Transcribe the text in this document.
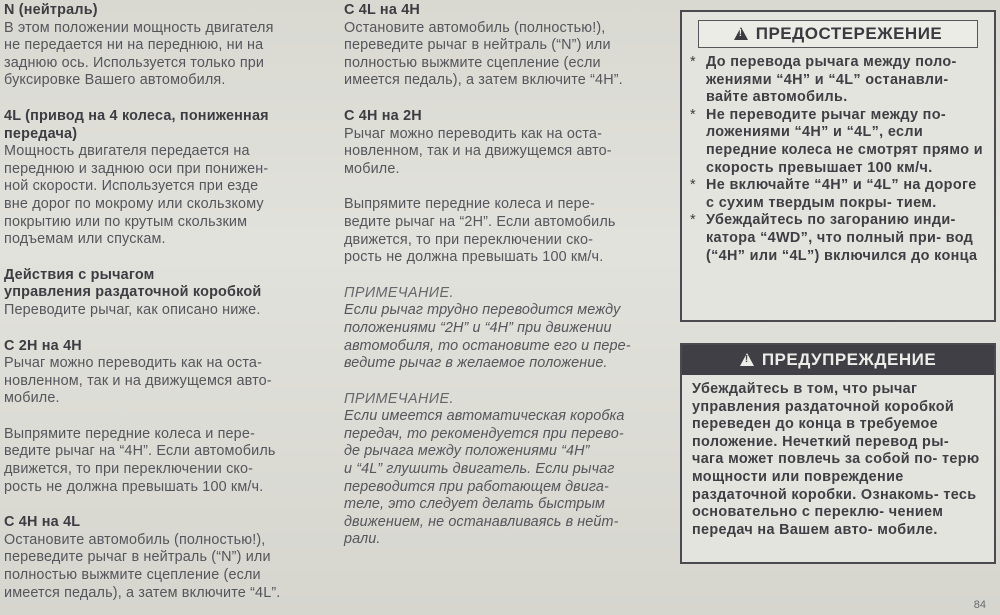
N (нейтраль)

В этом положении мощность двигателя

не передается ни на переднюю, ни на

заднюю ось. Используется только при

буксировке Вашего автомобиля.

4L (привод на 4 колеса, пониженная

передача)

Мощность двигателя передается на

переднюю и заднюю оси при понижен-

ной скорости. Используется при езде

вне дорог по мокрому или скользкому

покрытию или по крутым скользким

подъемам или спускам.

Действия с рычагом

управления раздаточной коробкой

Переводите рычаг, как описано ниже.

С 2Н на 4Н

Рычаг можно переводить как на оста-

новленном, так и на движущемся авто-

мобиле.

Выпрямите передние колеса и пере-

ведите рычаг на “4Н”. Если автомобиль

движется, то при переключении ско-

рость не должна превышать 100 км/ч.

С 4Н на 4L

Остановите автомобиль (полностью!),

переведите рычаг в нейтраль (“N”) или

полностью выжмите сцепление (если

имеется педаль), а затем включите “4L”.

С 4L на 4Н

Остановите автомобиль (полностью!),

переведите рычаг в нейтраль (“N”) или

полностью выжмите сцепление (если

имеется педаль), а затем включите “4Н”.

С 4Н на 2Н

Рычаг можно переводить как на оста-

новленном, так и на движущемся авто-

мобиле.

Выпрямите передние колеса и пере-

ведите рычаг на “2Н”. Если автомобиль

движется, то при переключении ско-

рость не должна превышать 100 км/ч.

ПРИМЕЧАНИЕ.

Если рычаг трудно переводится между

положениями “2Н” и “4Н” при движении

автомобиля, то остановите его и пере-

ведите рычаг в желаемое положение.

ПРИМЕЧАНИЕ.

Если имеется автоматическая коробка

передач, то рекомендуется при перево-

де рычага между положениями “4Н”

и “4L” глушить двигатель. Если рычаг

переводится при работающем двига-

теле, это следует делать быстрым

движением, не останавливаясь в нейт-

рали.

!
ПРЕДОСТЕРЕЖЕНИЕ
* До перевода рычага между поло- жениями “4Н” и “4L” останавли- вайте автомобиль.
* Не переводите рычаг между по- ложениями “4Н” и “4L”, если передние колеса не смотрят прямо и скорость превышает 100 км/ч.
* Не включайте “4Н” и “4L” на дороге с сухим твердым покры- тием.
* Убеждайтесь по загоранию инди- катора “4WD”, что полный при- вод (“4Н” или “4L”) включился до конца
!
ПРЕДУПРЕЖДЕНИЕ

Убеждайтесь в том, что рычаг управления раздаточной коробкой переведен до конца в требуемое положение. Нечеткий перевод ры- чага может повлечь за собой по- терю мощности или повреждение раздаточной коробки. Ознакомь- тесь основательно с переклю- чением передач на Вашем авто- мобиле.

84
